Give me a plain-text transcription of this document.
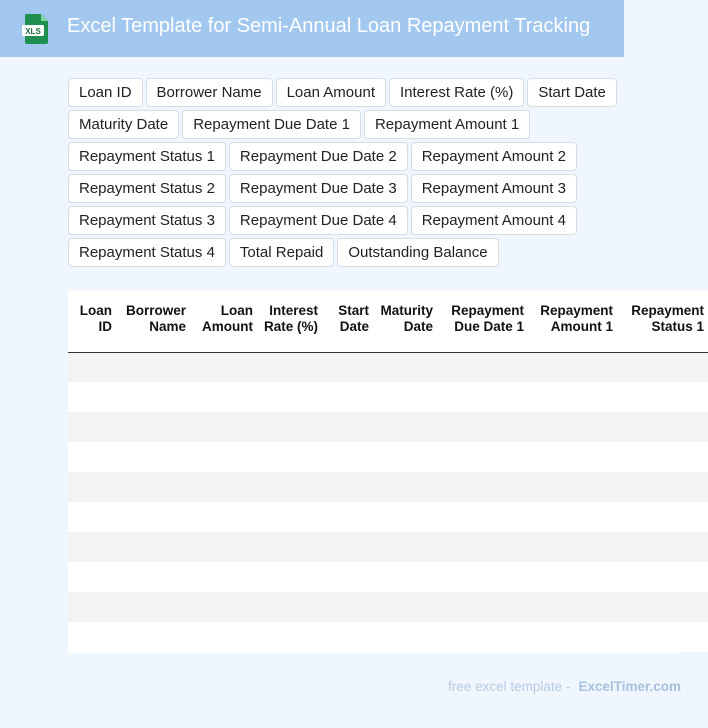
XLS Excel Template for Semi-Annual Loan Repayment Tracking
Loan ID	Borrower Name	Loan Amount	Interest Rate (%)	Start Date
Maturity Date	Repayment Due Date 1	Repayment Amount 1
Repayment Status 1	Repayment Due Date 2	Repayment Amount 2
Repayment Status 2	Repayment Due Date 3	Repayment Amount 3
Repayment Status 3	Repayment Due Date 4	Repayment Amount 4
Repayment Status 4	Total Repaid	Outstanding Balance
Loan ID	Borrower Name	Loan Amount	Interest Rate (%)	Start Date	Maturity Date	Repayment Due Date 1	Repayment Amount 1	Repayment Status 1

free excel template - ExcelTimer.com
